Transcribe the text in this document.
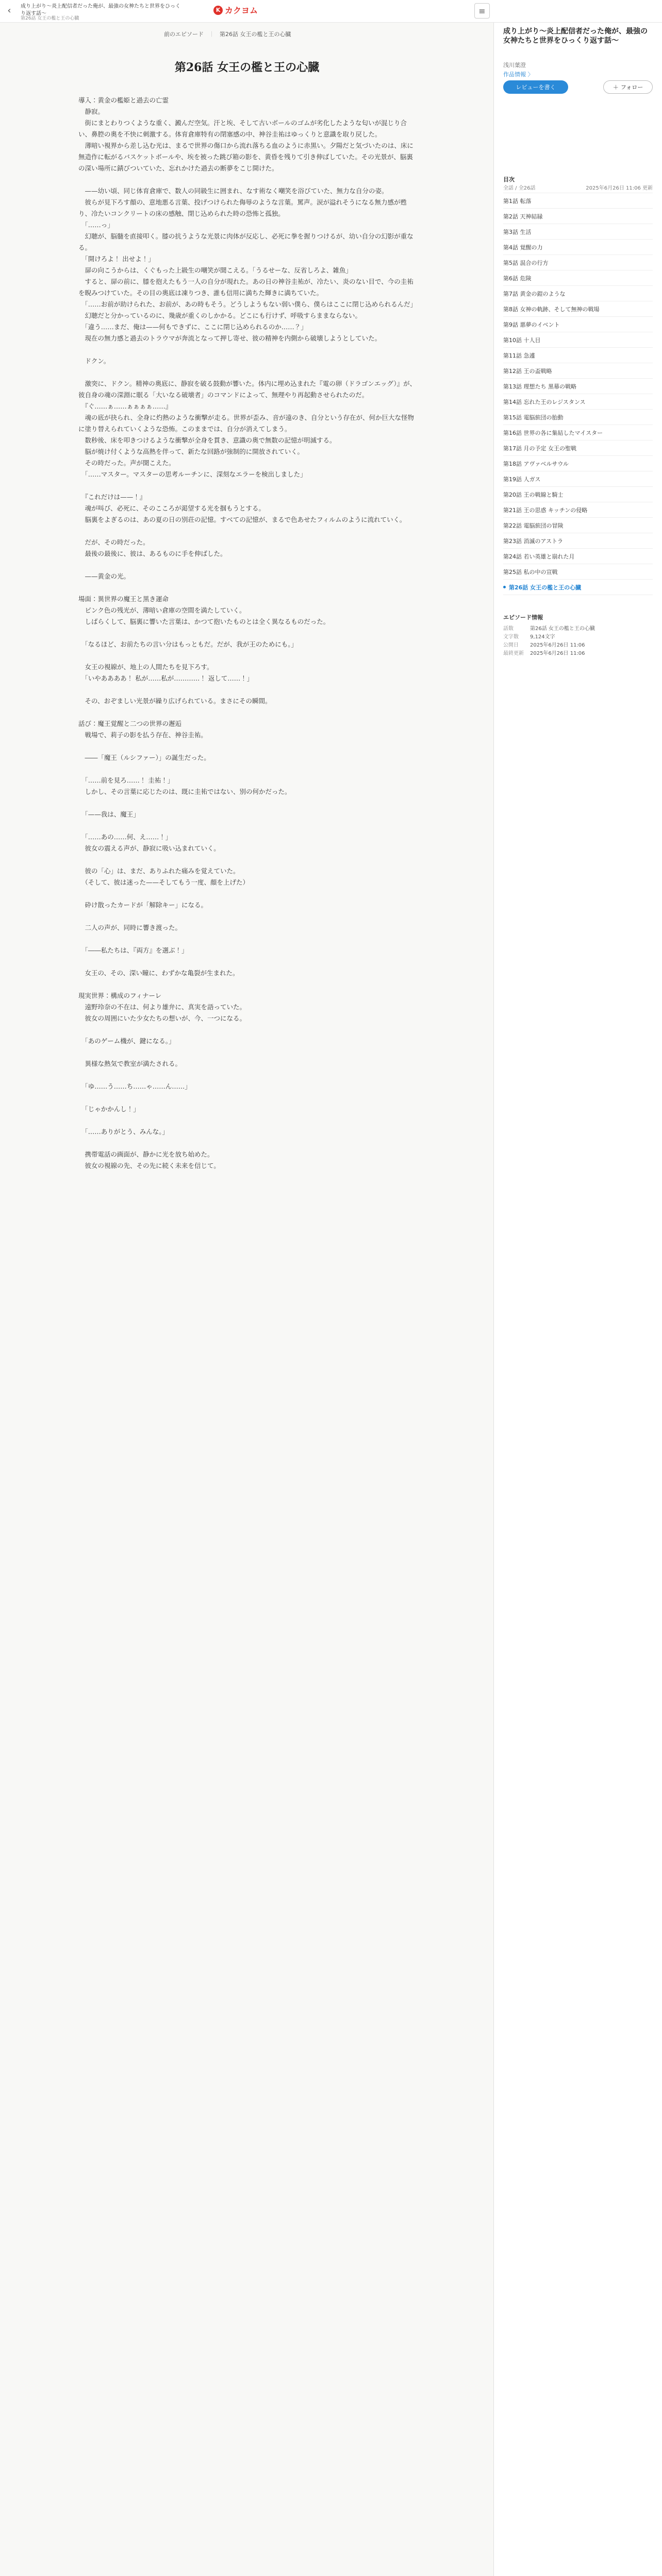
‹	成り上がり〜炎上配信者だった俺が、最強の女神たちと世界をひっくり返す話〜
第26話 女王の檻と王の心臓
K カクヨム	≡
前のエピソード ｜ 第26話 女王の檻と王の心臓
第26話 女王の檻と王の心臓

導入：黄金の檻姫と過去の亡霊

　静寂。

　街にまとわりつくような重く、澱んだ空気。汗と埃、そして古いボールのゴムが劣化したような匂いが混じり合い、鼻腔の奥を不快に刺激する。体育倉庫特有の閉塞感の中、神谷圭祐はゆっくりと意識を取り戻した。

　薄暗い視界から差し込む光は、まるで世界の傷口から流れ落ちる血のように赤黒い。夕陽だと気づいたのは、床に無造作に転がるバスケットボールや、埃を被った跳び箱の影を、黄昏を残りて引き伸ばしていた。その光景が、脳裏の深い場所に錆びついていた、忘れかけた過去の断夢をこじ開けた。

　——幼い頃、同じ体育倉庫で、数人の同級生に囲まれ、なす術なく嘲笑を浴びていた、無力な自分の姿。

　彼らが見下ろす顔の、意地悪る言葉、投げつけられた侮辱のような言葉。罵声。涙が溢れそうになる無力感が甦り、冷たいコンクリートの床の感触、閉じ込められた時の恐怖と孤独。

　「……っ」

　幻聴が、脳髄を直接叩く。膝の抗うような光景に肉体が反応し、必死に拳を握りつけるが、幼い自分の幻影が重なる。

　「開けろよ！ 出せよ！」

　扉の向こうからは、くぐもった上級生の嘲笑が聞こえる。「うるせーな、反省しろよ、雑魚」

　すると、扉の前に、膝を抱えたもう一人の自分が現れた。あの日の神谷圭祐が、冷たい、炎のない目で、今の圭祐を睨みつけていた。その目の奥底は凍りつき、誰も信用に満ちた輝きに満ちていた。

　「……お前が助けられた、お前が、あの時もそう。どうしようもない弱い僕ら、僕らはここに閉じ込められるんだ」

　幻聴だと分かっているのに、幾歳が重くのしかかる。どこにも行けず、呼吸すらままならない。

　「違う……まだ、俺は——何もできずに、ここに閉じ込められるのか……？」

　現在の無力感と過去のトラウマが奔流となって押し寄せ、彼の精神を内側から破壊しようとしていた。

　ドクン。

　激突に、ドクン。精神の奥底に、静寂を破る鼓動が響いた。体内に埋め込まれた『電の卵（ドラゴンエッグ）』が、彼自身の魂の深淵に眠る「大いなる破壊者」のコマンドによって、無理やり再起動させられたのだ。

　『ぐ……ぁ……ぁぁぁぁ……』

　魂の底が抉られ、全身に灼熱のような衝撃が走る。世界が歪み、音が遠のき、自分という存在が、何か巨大な怪物に塗り替えられていくような恐怖。このままでは、自分が消えてしまう。

　数秒後、床を叩きつけるような衝撃が全身を貫き、意識の奥で無数の記憶が明滅する。

　脳が焼け付くような高熱を伴って、新たな回路が強制的に開放されていく。

　その時だった。声が聞こえた。

　「……マスター。マスターの思考ルーチンに、深刻なエラーを検出しました」

　『これだけは——！』

　魂が叫び、必死に、そのこころが渇望する光を掴もうとする。

　脳裏をよぎるのは、あの夏の日の別荘の記憶。すべての記憶が、まるで色あせたフィルムのように流れていく。

　だが、その時だった。

　最後の最後に、彼は、あるものに手を伸ばした。

　——黄金の光。

場面：異世界の魔王と黒き運命

　ピンク色の残光が、薄暗い倉庫の空間を満たしていく。

　しばらくして、脳裏に響いた言葉は、かつて抱いたものとは全く異なるものだった。

　「なるほど、お前たちの言い分はもっともだ。だが、我が王のためにも。」

　女王の視線が、地上の人間たちを見下ろす。

　「いやああああ！ 私が……私が…………！ 返して……！」

　その、おぞましい光景が繰り広げられている。まさにその瞬間。

話び：魔王覚醒と二つの世界の邂逅

　戦場で、莉子の影を払う存在、神谷圭祐。

　――「魔王（ルシファー）」の誕生だった。

　「……前を見ろ……！ 圭祐！」

　しかし、その言葉に応じたのは、既に圭祐ではない、別の何かだった。

　「——我は、魔王」

　「……あの……何、え……！」

　彼女の震える声が、静寂に吸い込まれていく。

　彼の「心」は、まだ、ありふれた痛みを覚えていた。

　（そして、彼は迷った——そしてもう一度、顔を上げた）

　砕け散ったカードが「解除キー」になる。

　二人の声が、同時に響き渡った。

　「――私たちは、『両方』を選ぶ！」

　女王の、その、深い瞳に、わずかな亀裂が生まれた。

現実世界：構成のフィナーレ

　遠野玲奈の不在は、何より雄弁に、真実を語っていた。

　彼女の周囲にいた少女たちの想いが、今、一つになる。

　「あのゲーム機が、鍵になる。」

　異様な熱気で教室が満たされる。

　「ゆ……う……ち……ゃ……ん……」

　「じゃかかんし！」

　「……ありがとう、みんな。」

　携帯電話の画面が、静かに光を放ち始めた。

　彼女の視線の先、その先に続く未来を信じて。

成り上がり〜炎上配信者だった俺が、最強の女神たちと世界をひっくり返す話〜
浅川葉澄
作品情報 〉
レビューを書く	＋ フォロー
目次
全話 / 全26話	2025年6月26日 11:06 更新
第1話 転落
第2話 天神結縁
第3話 生活
第4話 覚醒の力
第5話 混合の行方
第6話 危険
第7話 黄金の鎧のような
第8話 女神の軌跡、そして無神の戦場
第9話 悪夢のイベント
第10話 十人目
第11話 急遽
第12話 王の盃戦略
第13話 理想たち 黒幕の戦略
第14話 忘れた王のレジスタンス
第15話 電脳旅団の胎動
第16話 世界の各に集結したマイスター
第17話 月の予定 女王の聖戦
第18話 アヴァベルサウル
第19話 人ガス
第20話 王の戦線と騎士
第21話 王の思惑 キッチンの侵略
第22話 電脳旅団の冒険
第23話 消滅のアストラ
第24話 若い英雄と崩れた月
第25話 私の中の宣戦
第26話 女王の檻と王の心臓
エピソード情報
話数	第26話 女王の檻と王の心臓
文字数	9,124文字
公開日	2025年6月26日 11:06
最終更新	2025年6月26日 11:06
